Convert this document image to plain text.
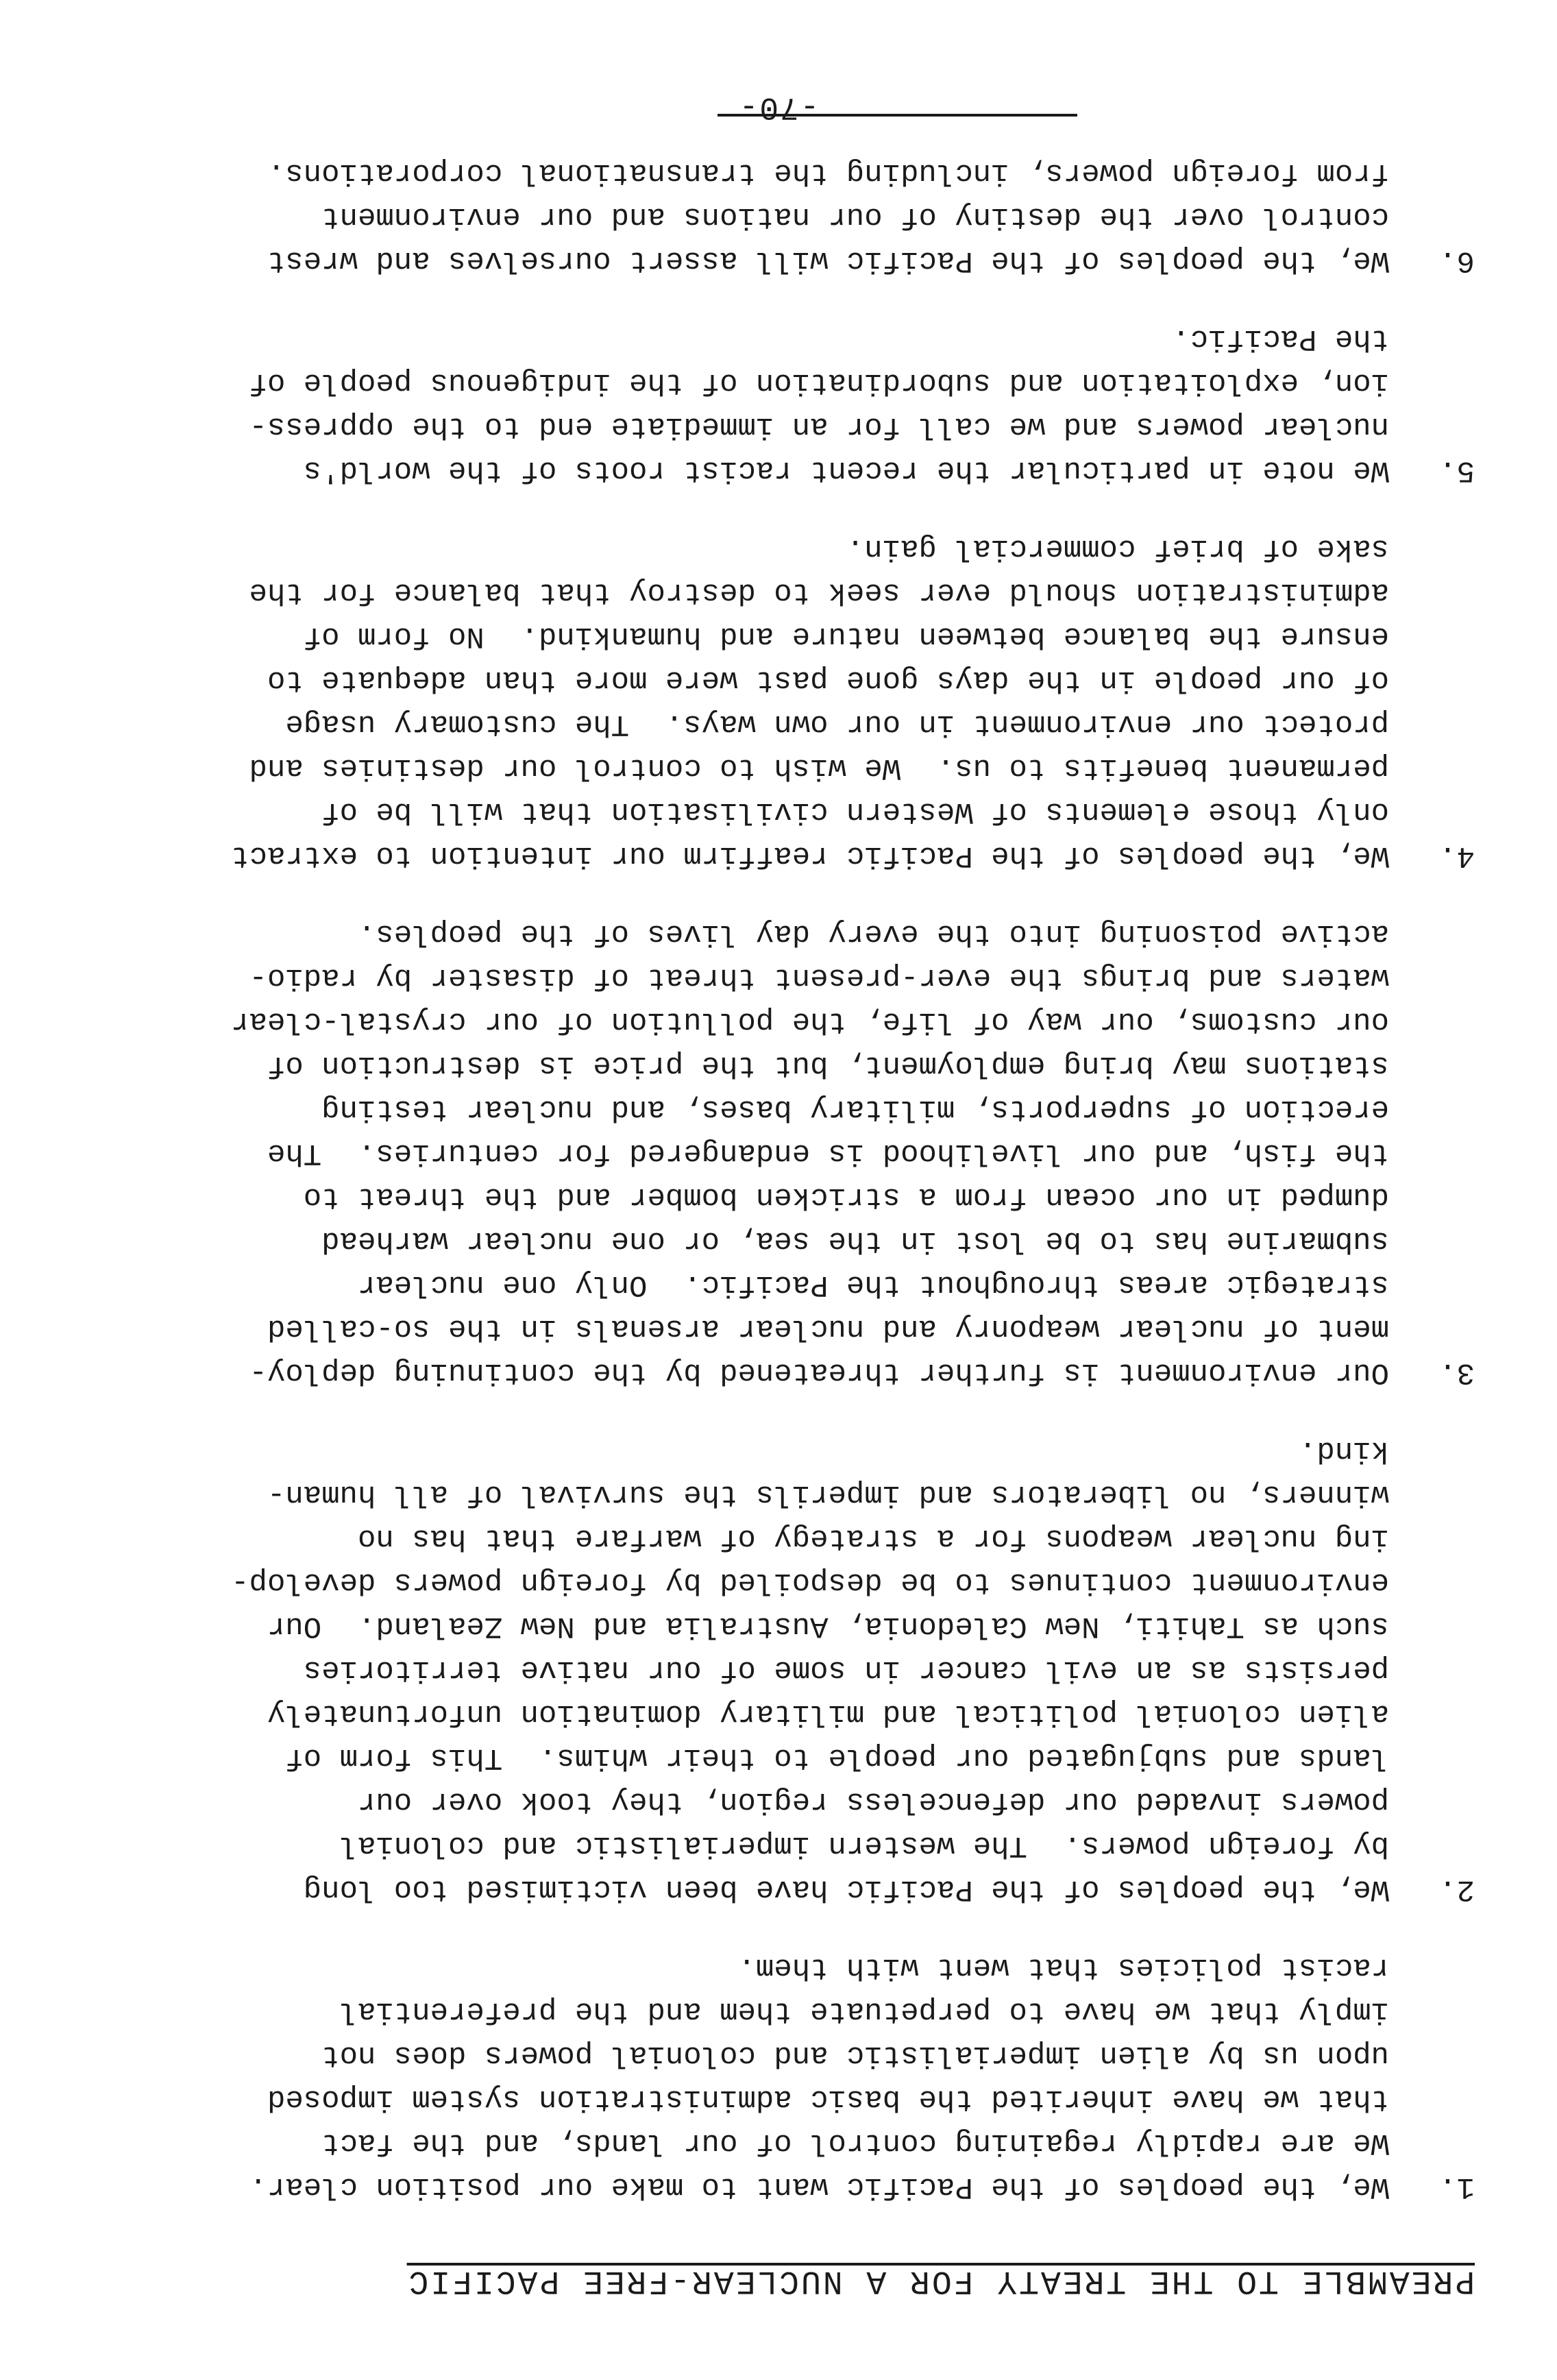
PREAMBLE TO THE TREATY FOR A NUCLEAR-FREE PACIFIC
1.
We, the peoples of the Pacific want to make our position clear.
We are rapidly regaining control of our lands, and the fact
that we have inherited the basic administration system imposed
upon us by alien imperialistic and colonial powers does not
imply that we have to perpetuate them and the preferential
racist policies that went with them.
2.
We, the peoples of the Pacific have been victimised too long
by foreign powers.  The western imperialistic and colonial
powers invaded our defenceless region, they took over our
lands and subjugated our people to their whims.  This form of
alien colonial political and military domination unfortunately
persists as an evil cancer in some of our native territories
such as Tahiti, New Caledonia, Australia and New Zealand.  Our
environment continues to be despoiled by foreign powers develop-
ing nuclear weapons for a strategy of warfare that has no
winners, no liberators and imperils the survival of all human-
kind.
3.
Our environment is further threatened by the continuing deploy-
ment of nuclear weaponry and nuclear arsenals in the so-called
strategic areas throughout the Pacific.  Only one nuclear
submarine has to be lost in the sea, or one nuclear warhead
dumped in our ocean from a stricken bomber and the threat to
the fish, and our livelihood is endangered for centuries.  The
erection of superports, military bases, and nuclear testing
stations may bring employment, but the price is destruction of
our customs, our way of life, the pollution of our crystal-clear
waters and brings the ever-present threat of disaster by radio-
active poisoning into the every day lives of the peoples.
4.
We, the peoples of the Pacific reaffirm our intention to extract
only those elements of Western civilisation that will be of
permanent benefits to us.  We wish to control our destinies and
protect our environment in our own ways.  The customary usage
of our people in the days gone past were more than adequate to
ensure the balance between nature and humankind.  No form of
administration should ever seek to destroy that balance for the
sake of brief commercial gain.
5.
We note in particular the recent racist roots of the world's
nuclear powers and we call for an immediate end to the oppress-
ion, exploitation and subordination of the indigenous people of
the Pacific.
6.
We, the peoples of the Pacific will assert ourselves and wrest
control over the destiny of our nations and our environment
from foreign powers, including the transnational corporations.
-70-
